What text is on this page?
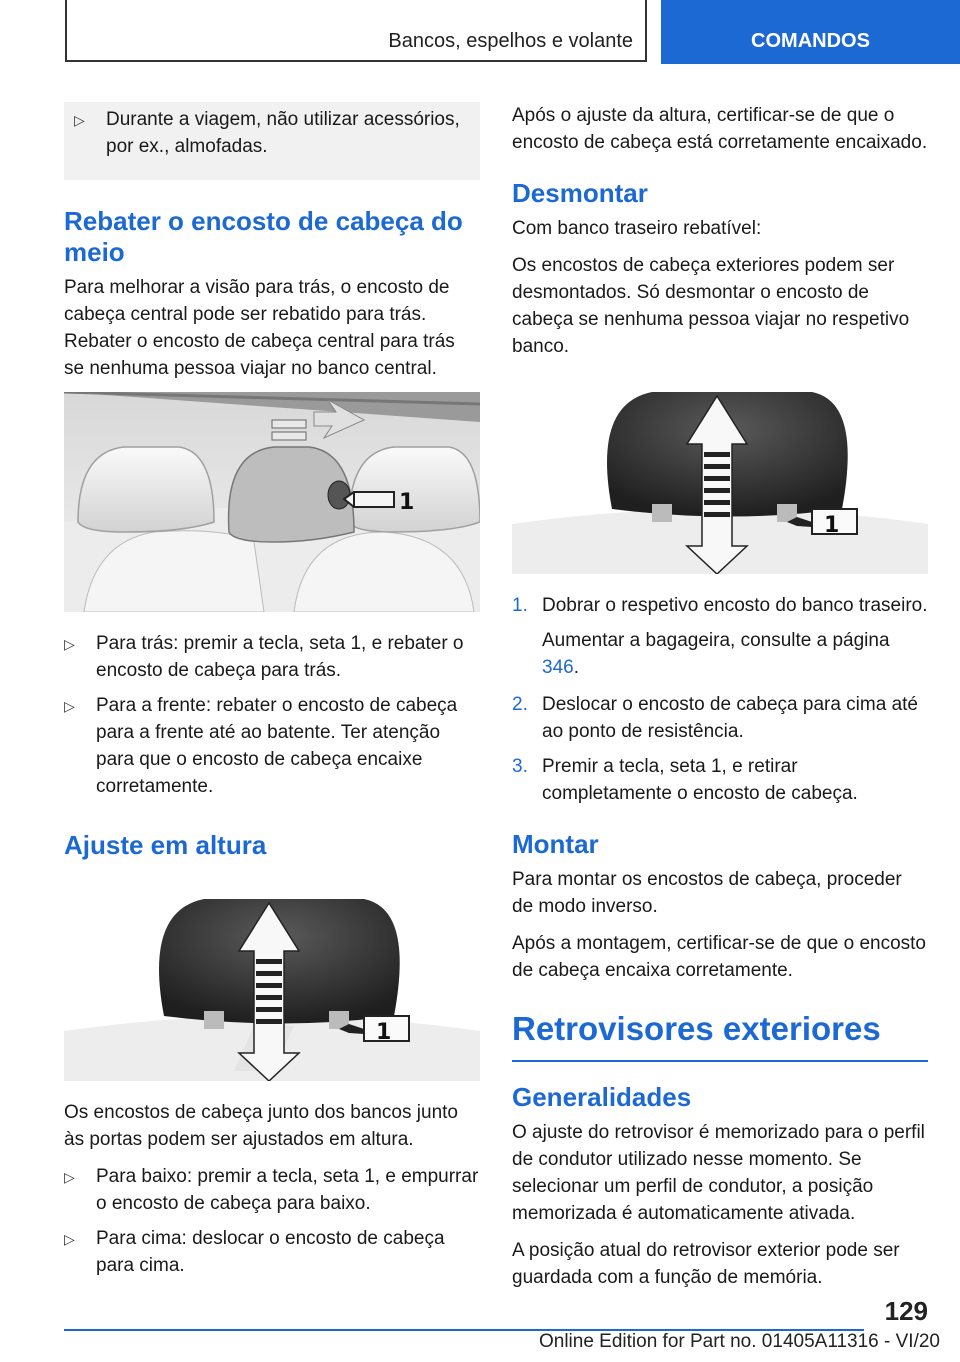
Bancos, espelhos e volante	COMANDOS
▷	Durante a viagem, não utilizar acessórios, por ex., almofadas.
Rebater o encosto de cabeça do meio

Para melhorar a visão para trás, o encosto de cabeça central pode ser rebatido para trás. Rebater o encosto de cabeça central para trás se nenhuma pessoa viajar no banco central.

1
▷	Para trás: premir a tecla, seta 1, e rebater o encosto de cabeça para trás.
▷	Para a frente: rebater o encosto de cabeça para a frente até ao batente. Ter atenção para que o encosto de cabeça encaixe corretamente.
Ajuste em altura
1

Os encostos de cabeça junto dos bancos junto às portas podem ser ajustados em altura.

▷	Para baixo: premir a tecla, seta 1, e empurrar o encosto de cabeça para baixo.
▷	Para cima: deslocar o encosto de cabeça para cima.

Após o ajuste da altura, certificar-se de que o encosto de cabeça está corretamente encaixado.

Desmontar

Com banco traseiro rebatível:

Os encostos de cabeça exteriores podem ser desmontados. Só desmontar o encosto de cabeça se nenhuma pessoa viajar no respetivo banco.

1
1. Dobrar o respetivo encosto do banco traseiro.

Aumentar a bagageira, consulte a página 346.

2. Deslocar o encosto de cabeça para cima até ao ponto de resistência.
3. Premir a tecla, seta 1, e retirar completamente o encosto de cabeça.
Montar

Para montar os encostos de cabeça, proceder de modo inverso.

Após a montagem, certificar-se de que o encosto de cabeça encaixa corretamente.

Retrovisores exteriores
Generalidades

O ajuste do retrovisor é memorizado para o perfil de condutor utilizado nesse momento. Se selecionar um perfil de condutor, a posição memorizada é automaticamente ativada.

A posição atual do retrovisor exterior pode ser guardada com a função de memória.

129
Online Edition for Part no. 01405A11316 - VI/20
